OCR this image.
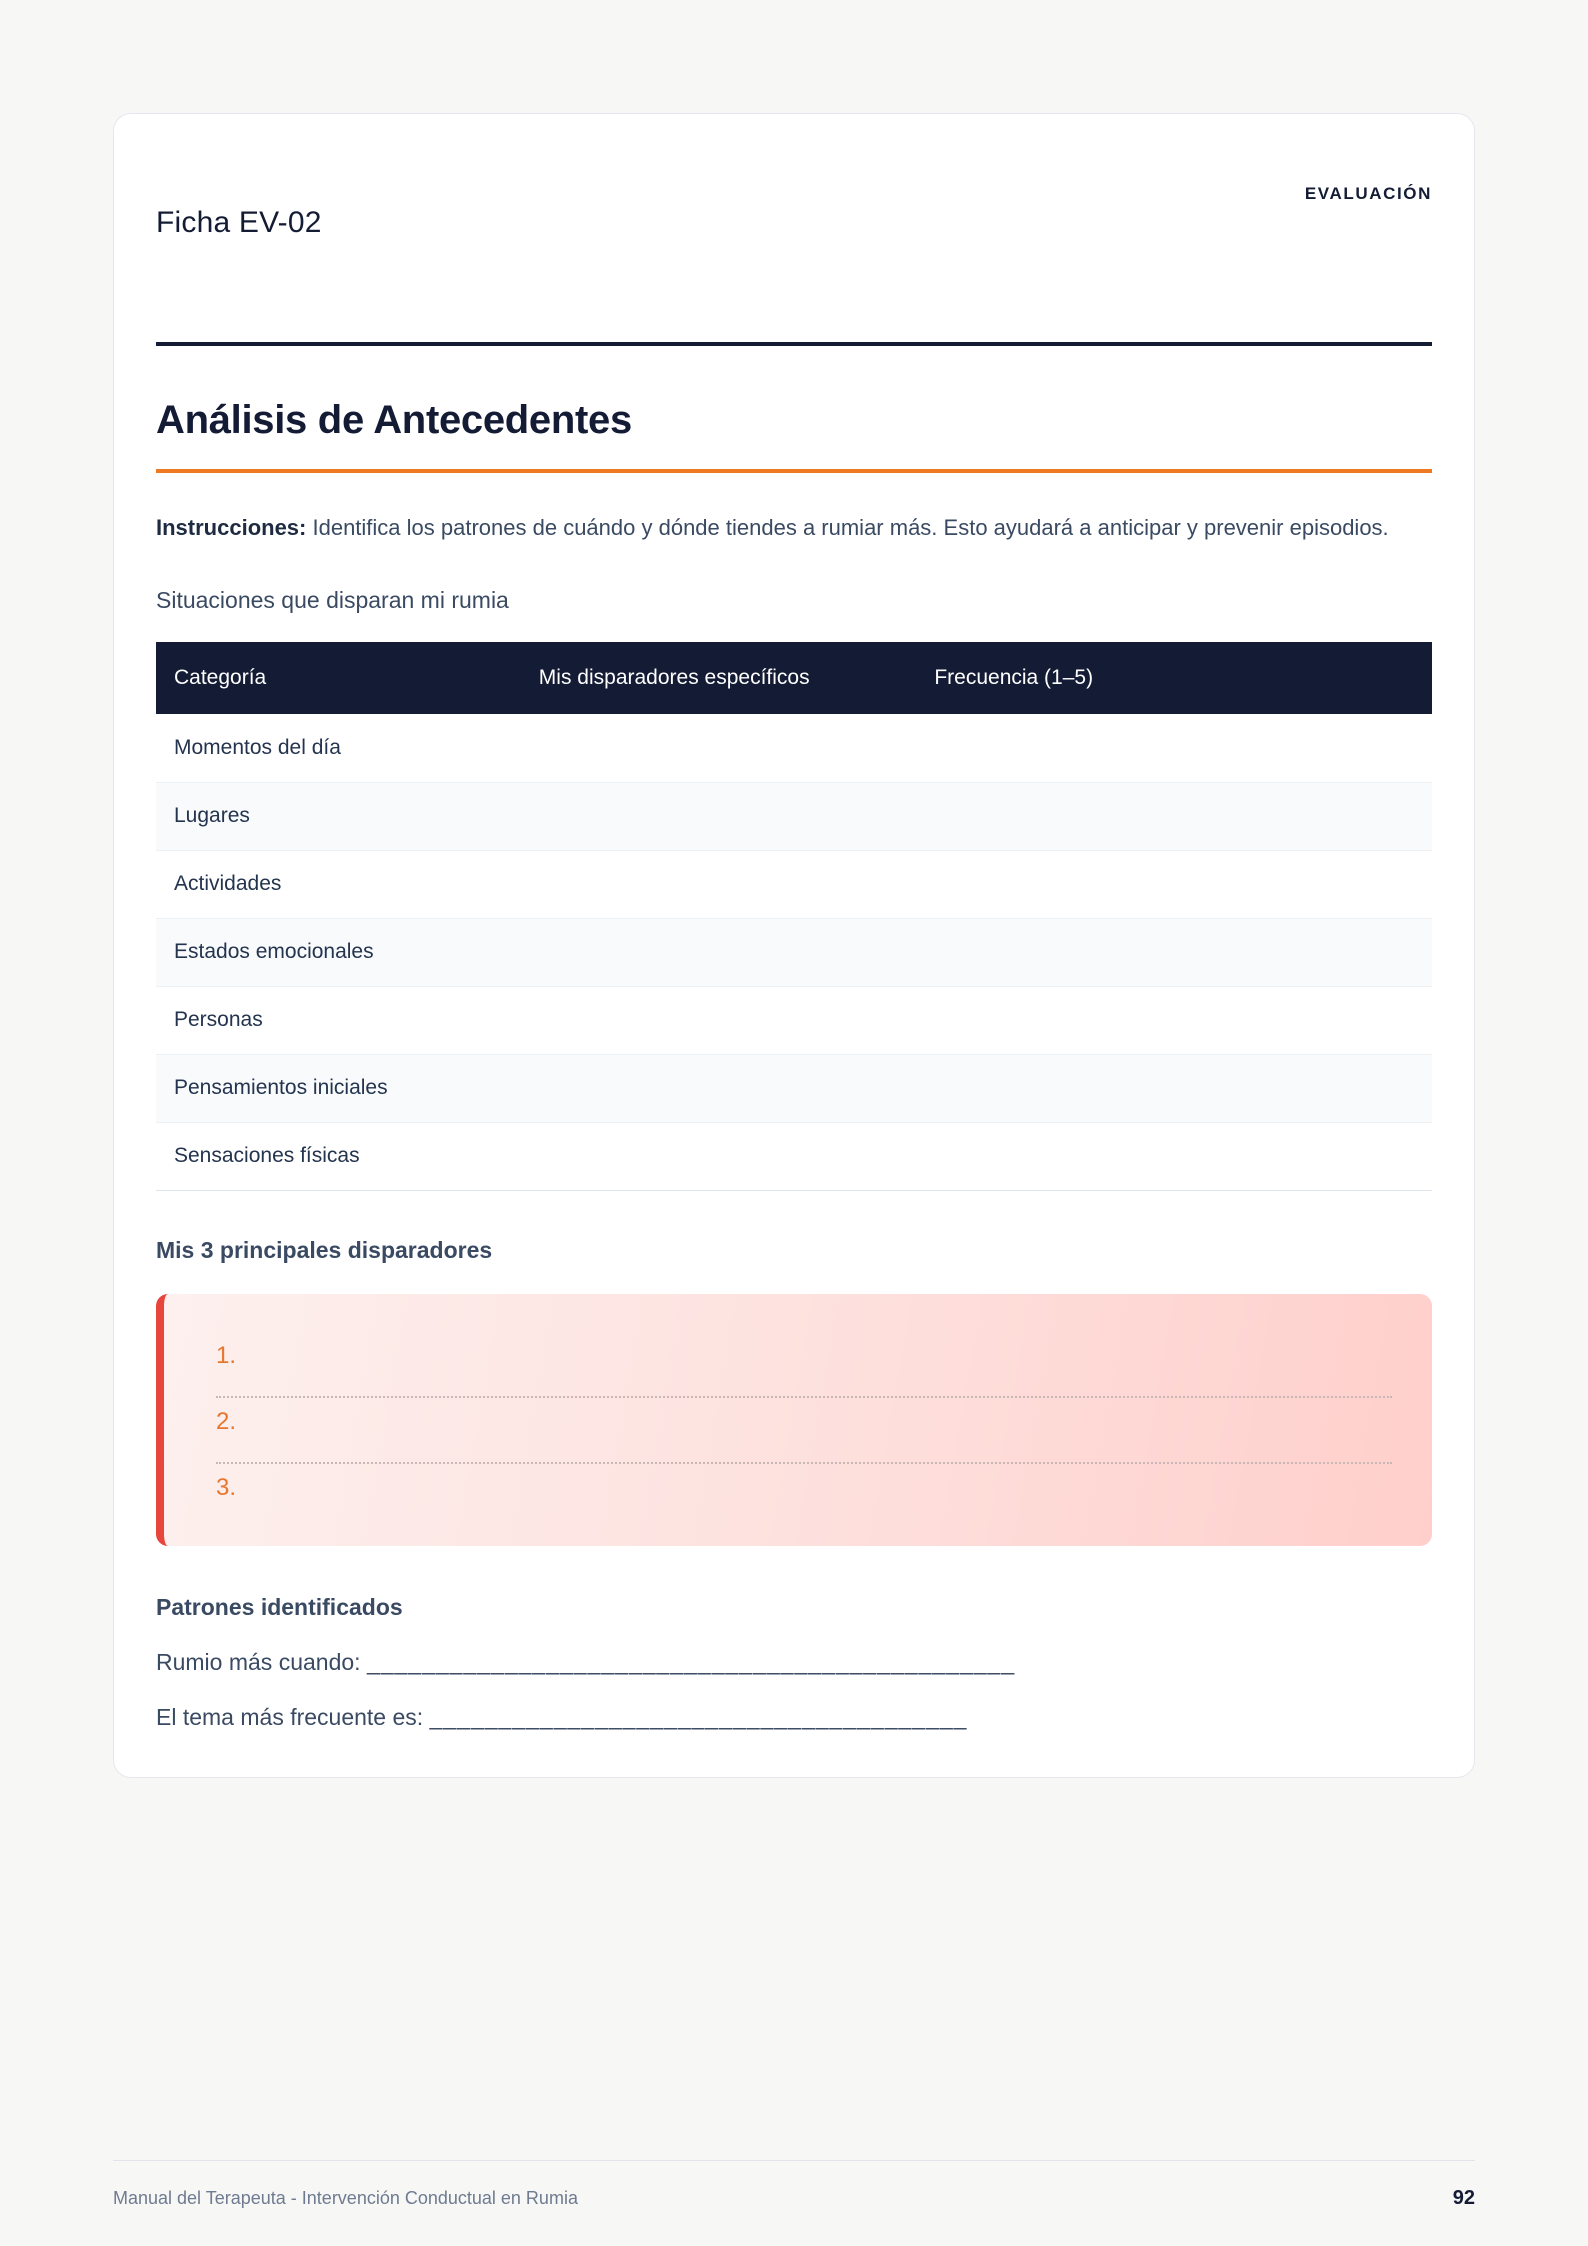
EVALUACIÓN
Ficha EV-02
Análisis de Antecedentes

Instrucciones: Identifica los patrones de cuándo y dónde tiendes a rumiar más. Esto ayudará a anticipar y prevenir episodios.

Situaciones que disparan mi rumia
Categoría	Mis disparadores específicos	Frecuencia (1–5)
Momentos del día		
Lugares		
Actividades		
Estados emocionales		
Personas		
Pensamientos iniciales		
Sensaciones físicas		
Mis 3 principales disparadores
1.
2.
3.
Patrones identificados
Rumio más cuando: _______________________________________________
El tema más frecuente es: _______________________________________
Manual del Terapeuta - Intervención Conductual en Rumia	92
